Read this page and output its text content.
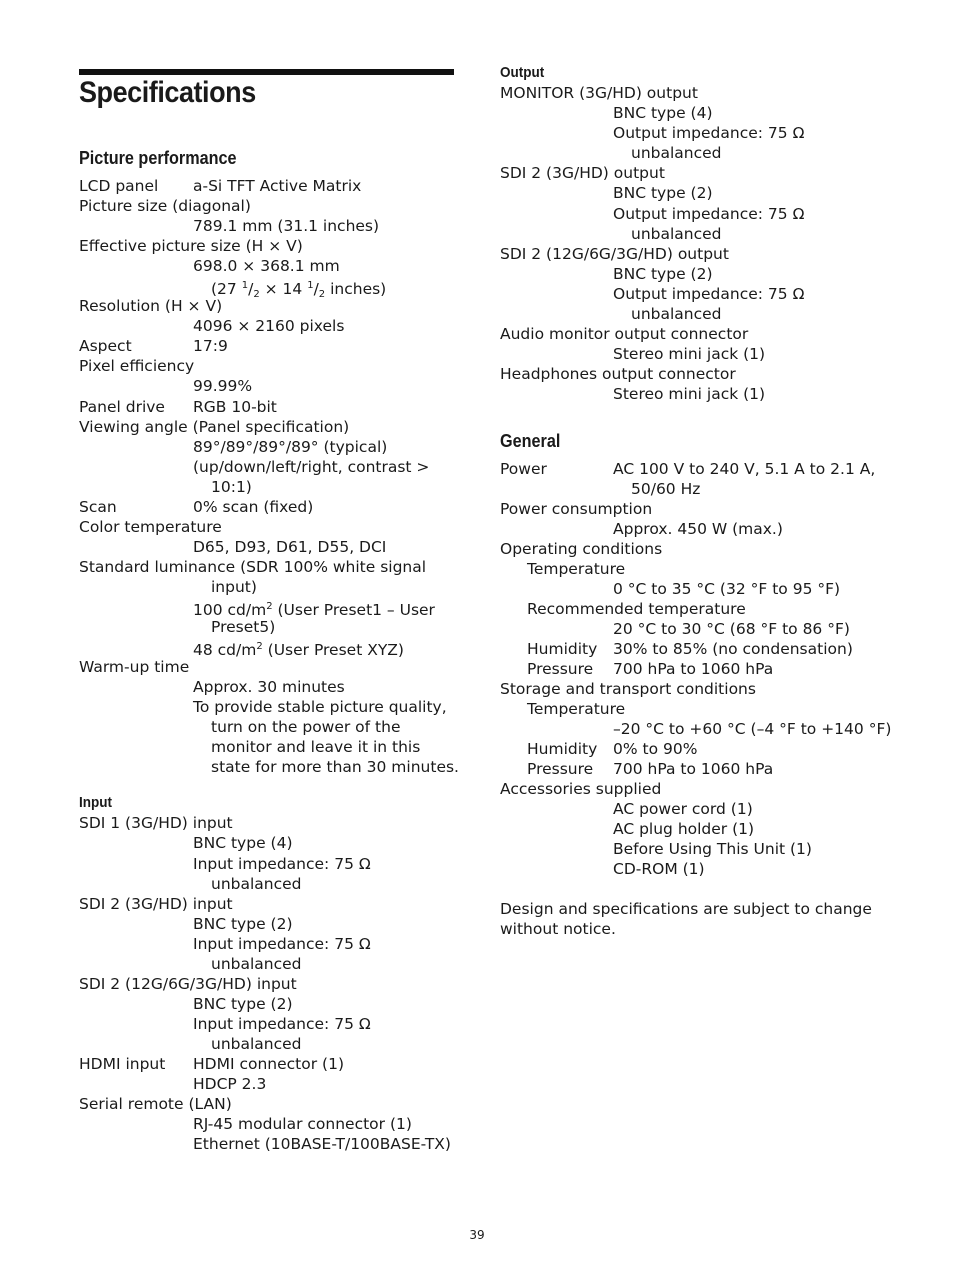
Specifications
Picture performance
LCD panel a-Si TFT Active Matrix
Picture size (diagonal)
789.1 mm (31.1 inches)
Effective picture size (H × V)
698.0 × 368.1 mm
(27 $^1/_2 \times 14$ $^1/_2$ inches)
Resolution (H × V)
4096 × 2160 pixels
Aspect	17:9
Pixel efficiency
99.99%
Panel drive RGB 10-bit
Viewing angle (Panel specification)
89°/89°/89°/89° (typical)
(up/down/left/right, contrast >
10:1)
Scan	0% scan (fixed)
Color temperature
D65, D93, D61, D55, DCI
Standard luminance (SDR 100% white signal
input)
100 $cd/m^2$ (User Preset1 – User
Preset5)
48 $cd/m^2$ (User Preset XYZ)
Warm-up time
Approx. 30 minutes
To provide stable picture quality,
turn on the power of the
monitor and leave it in this
state for more than 30 minutes.
Input
SDI 1 (3G/HD) input
BNC type (4)
Input impedance: 75 Ω
unbalanced
SDI 2 (3G/HD) input
BNC type (2)
Input impedance: 75 Ω
unbalanced
SDI 2 (12G/6G/3G/HD) input
BNC type (2)
Input impedance: 75 Ω
unbalanced
HDMI input HDMI connector (1)
HDCP 2.3
Serial remote (LAN)
RJ-45 modular connector (1)
Ethernet (10BASE-T/100BASE-TX)
Output
MONITOR (3G/HD) output
BNC type (4)
Output impedance: 75 Ω
unbalanced
SDI 2 (3G/HD) output
BNC type (2)
Output impedance: 75 Ω
unbalanced
SDI 2 (12G/6G/3G/HD) output
BNC type (2)
Output impedance: 75 Ω
unbalanced
Audio monitor output connector
Stereo mini jack (1)
Headphones output connector
Stereo mini jack (1)
General
Power	AC 100 V to 240 V, 5.1 A to 2.1 A,
50/60 Hz
Power consumption
Approx. 450 W (max.)
Operating conditions
Temperature
0 °C to 35 °C (32 °F to 95 °F)
Recommended temperature
20 °C to 30 °C (68 °F to 86 °F)
Humidity 30% to 85% (no condensation)
Pressure 700 hPa to 1060 hPa
Storage and transport conditions
Temperature
–20 °C to +60 °C (–4 °F to +140 °F)
Humidity 0% to 90%
Pressure 700 hPa to 1060 hPa
Accessories supplied
AC power cord (1)
AC plug holder (1)
Before Using This Unit (1)
CD-ROM (1)
Design and specifications are subject to change
without notice.
39
